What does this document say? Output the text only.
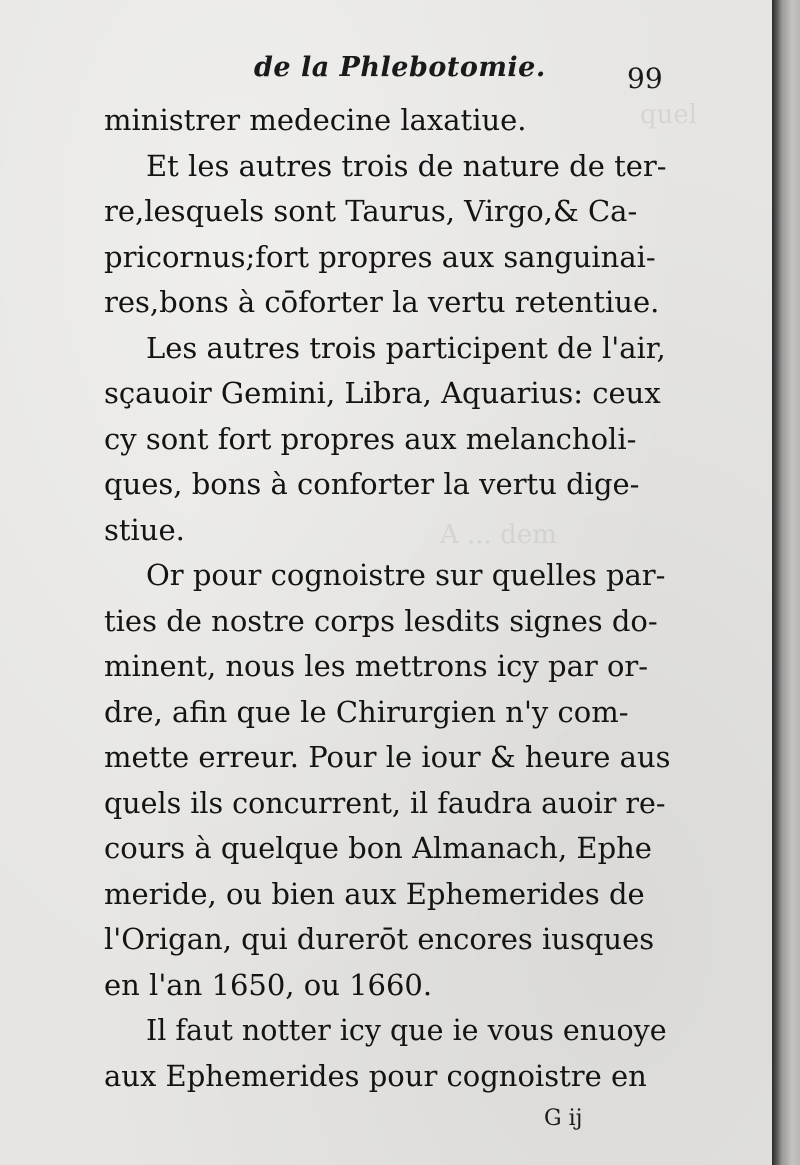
quel
A ... dem
de la Phlebotomie.	99
ministrer medecine laxatiue.
Et les autres trois de nature de ter-
re,lesquels sont Taurus, Virgo,& Ca-
pricornus;fort propres aux sanguinai-
res,bons à cōforter la vertu retentiue.
Les autres trois participent de l'air,
sçauoir Gemini, Libra, Aquarius: ceux
cy sont fort propres aux melancholi-
ques, bons à conforter la vertu dige-
stiue.
Or pour cognoistre sur quelles par-
ties de nostre corps lesdits signes do-
minent, nous les mettrons icy par or-
dre, afin que le Chirurgien n'y com-
mette erreur. Pour le iour & heure aus
quels ils concurrent, il faudra auoir re-
cours à quelque bon Almanach, Ephe
meride, ou bien aux Ephemerides de
l'Origan, qui durerōt encores iusques
en l'an 1650, ou 1660.
Il faut notter icy que ie vous enuoye
aux Ephemerides pour cognoistre en
G ij
